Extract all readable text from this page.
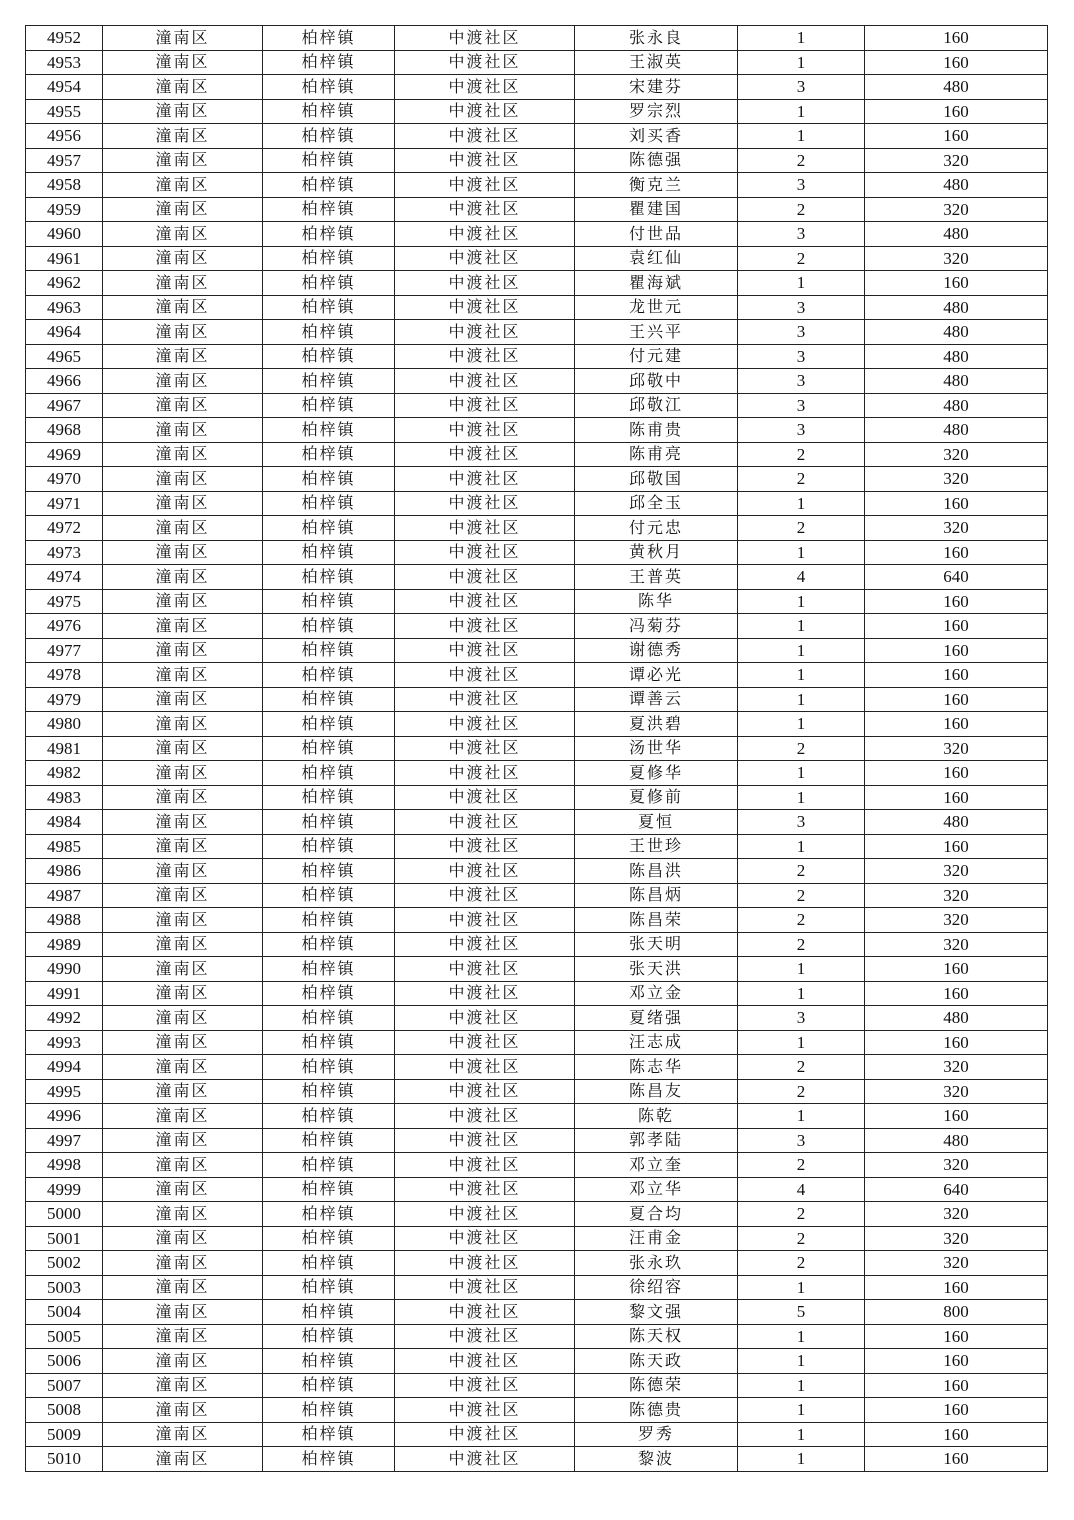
4952	潼南区	柏梓镇	中渡社区	张永良	1	160
4953	潼南区	柏梓镇	中渡社区	王淑英	1	160
4954	潼南区	柏梓镇	中渡社区	宋建芬	3	480
4955	潼南区	柏梓镇	中渡社区	罗宗烈	1	160
4956	潼南区	柏梓镇	中渡社区	刘买香	1	160
4957	潼南区	柏梓镇	中渡社区	陈德强	2	320
4958	潼南区	柏梓镇	中渡社区	衡克兰	3	480
4959	潼南区	柏梓镇	中渡社区	瞿建国	2	320
4960	潼南区	柏梓镇	中渡社区	付世品	3	480
4961	潼南区	柏梓镇	中渡社区	袁红仙	2	320
4962	潼南区	柏梓镇	中渡社区	瞿海斌	1	160
4963	潼南区	柏梓镇	中渡社区	龙世元	3	480
4964	潼南区	柏梓镇	中渡社区	王兴平	3	480
4965	潼南区	柏梓镇	中渡社区	付元建	3	480
4966	潼南区	柏梓镇	中渡社区	邱敬中	3	480
4967	潼南区	柏梓镇	中渡社区	邱敬江	3	480
4968	潼南区	柏梓镇	中渡社区	陈甫贵	3	480
4969	潼南区	柏梓镇	中渡社区	陈甫亮	2	320
4970	潼南区	柏梓镇	中渡社区	邱敬国	2	320
4971	潼南区	柏梓镇	中渡社区	邱全玉	1	160
4972	潼南区	柏梓镇	中渡社区	付元忠	2	320
4973	潼南区	柏梓镇	中渡社区	黄秋月	1	160
4974	潼南区	柏梓镇	中渡社区	王普英	4	640
4975	潼南区	柏梓镇	中渡社区	陈华	1	160
4976	潼南区	柏梓镇	中渡社区	冯菊芬	1	160
4977	潼南区	柏梓镇	中渡社区	谢德秀	1	160
4978	潼南区	柏梓镇	中渡社区	谭必光	1	160
4979	潼南区	柏梓镇	中渡社区	谭善云	1	160
4980	潼南区	柏梓镇	中渡社区	夏洪碧	1	160
4981	潼南区	柏梓镇	中渡社区	汤世华	2	320
4982	潼南区	柏梓镇	中渡社区	夏修华	1	160
4983	潼南区	柏梓镇	中渡社区	夏修前	1	160
4984	潼南区	柏梓镇	中渡社区	夏恒	3	480
4985	潼南区	柏梓镇	中渡社区	王世珍	1	160
4986	潼南区	柏梓镇	中渡社区	陈昌洪	2	320
4987	潼南区	柏梓镇	中渡社区	陈昌炳	2	320
4988	潼南区	柏梓镇	中渡社区	陈昌荣	2	320
4989	潼南区	柏梓镇	中渡社区	张天明	2	320
4990	潼南区	柏梓镇	中渡社区	张天洪	1	160
4991	潼南区	柏梓镇	中渡社区	邓立金	1	160
4992	潼南区	柏梓镇	中渡社区	夏绪强	3	480
4993	潼南区	柏梓镇	中渡社区	汪志成	1	160
4994	潼南区	柏梓镇	中渡社区	陈志华	2	320
4995	潼南区	柏梓镇	中渡社区	陈昌友	2	320
4996	潼南区	柏梓镇	中渡社区	陈乾	1	160
4997	潼南区	柏梓镇	中渡社区	郭孝陆	3	480
4998	潼南区	柏梓镇	中渡社区	邓立奎	2	320
4999	潼南区	柏梓镇	中渡社区	邓立华	4	640
5000	潼南区	柏梓镇	中渡社区	夏合均	2	320
5001	潼南区	柏梓镇	中渡社区	汪甫金	2	320
5002	潼南区	柏梓镇	中渡社区	张永玖	2	320
5003	潼南区	柏梓镇	中渡社区	徐绍容	1	160
5004	潼南区	柏梓镇	中渡社区	黎文强	5	800
5005	潼南区	柏梓镇	中渡社区	陈天权	1	160
5006	潼南区	柏梓镇	中渡社区	陈天政	1	160
5007	潼南区	柏梓镇	中渡社区	陈德荣	1	160
5008	潼南区	柏梓镇	中渡社区	陈德贵	1	160
5009	潼南区	柏梓镇	中渡社区	罗秀	1	160
5010	潼南区	柏梓镇	中渡社区	黎波	1	160
